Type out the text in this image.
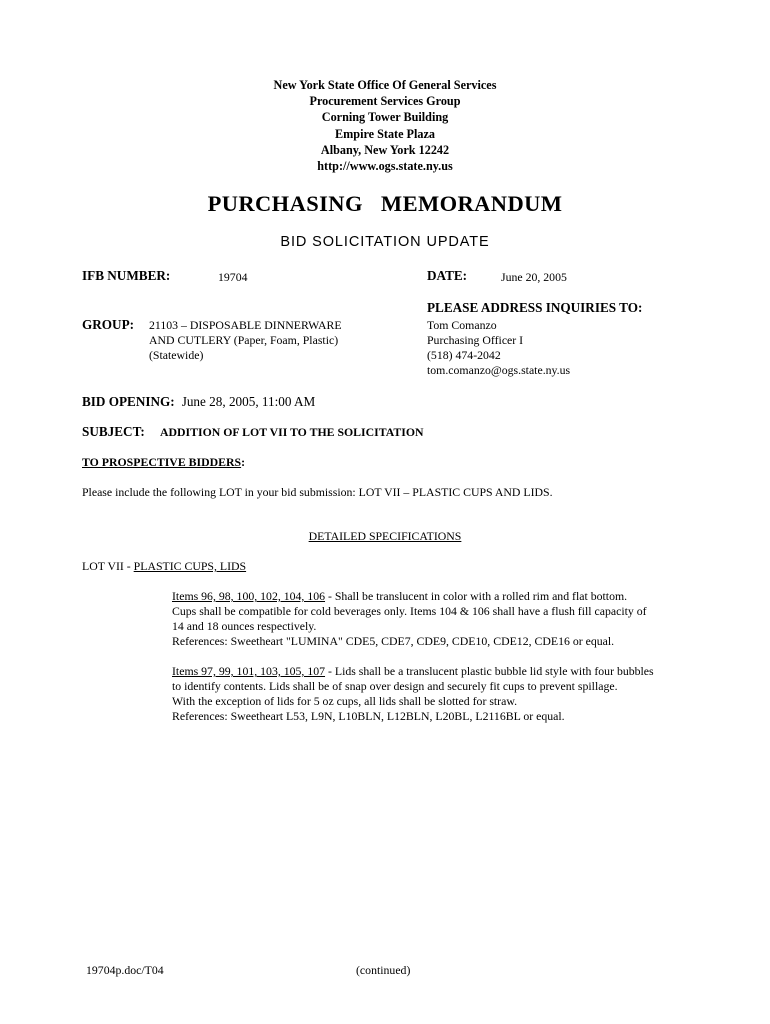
New York State Office Of General Services
Procurement Services Group
Corning Tower Building
Empire State Plaza
Albany, New York 12242
http://www.ogs.state.ny.us
PURCHASING   MEMORANDUM
BID SOLICITATION UPDATE
IFB NUMBER:	19704	DATE:	June 20, 2005
PLEASE ADDRESS INQUIRIES TO:
Tom Comanzo
Purchasing Officer I
(518) 474-2042
tom.comanzo@ogs.state.ny.us
GROUP: 21103 – DISPOSABLE DINNERWARE
AND CUTLERY (Paper, Foam, Plastic)
(Statewide)
BID OPENING: June 28, 2005, 11:00 AM
SUBJECT: ADDITION OF LOT VII TO THE SOLICITATION
TO PROSPECTIVE BIDDERS:
Please include the following LOT in your bid submission: LOT VII – PLASTIC CUPS AND LIDS.
DETAILED SPECIFICATIONS
LOT VII - PLASTIC CUPS, LIDS
Items 96, 98, 100, 102, 104, 106 - Shall be translucent in color with a rolled rim and flat bottom.
Cups shall be compatible for cold beverages only. Items 104 & 106 shall have a flush fill capacity of
14 and 18 ounces respectively.
References: Sweetheart "LUMINA" CDE5, CDE7, CDE9, CDE10, CDE12, CDE16 or equal.
Items 97, 99, 101, 103, 105, 107 - Lids shall be a translucent plastic bubble lid style with four bubbles
to identify contents. Lids shall be of snap over design and securely fit cups to prevent spillage.
With the exception of lids for 5 oz cups, all lids shall be slotted for straw.
References: Sweetheart L53, L9N, L10BLN, L12BLN, L20BL, L2116BL or equal.
19704p.doc/T04	(continued)
